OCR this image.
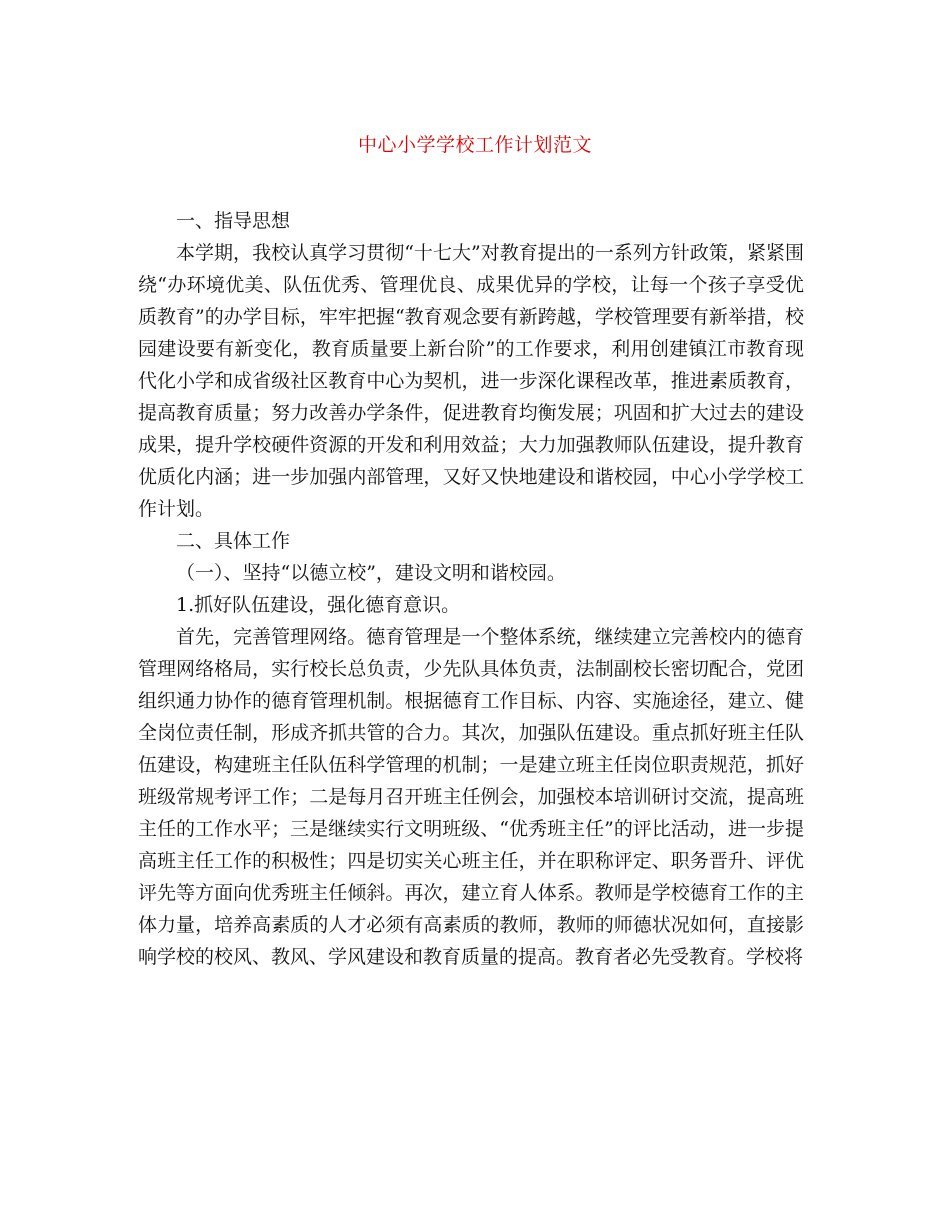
中心小学学校工作计划范文

一、指导思想

本学期，我校认真学习贯彻“十七大”对教育提出的一系列方针政策，紧紧围绕“办环境优美、队伍优秀、管理优良、成果优异的学校，让每一个孩子享受优质教育”的办学目标，牢牢把握“教育观念要有新跨越，学校管理要有新举措，校园建设要有新变化，教育质量要上新台阶”的工作要求，利用创建镇江市教育现代化小学和成省级社区教育中心为契机，进一步深化课程改革，推进素质教育，提高教育质量；努力改善办学条件，促进教育均衡发展；巩固和扩大过去的建设成果，提升学校硬件资源的开发和利用效益；大力加强教师队伍建设，提升教育优质化内涵；进一步加强内部管理，又好又快地建设和谐校园，中心小学学校工作计划。

二、具体工作

（一）、坚持“以德立校”，建设文明和谐校园。

1.抓好队伍建设，强化德育意识。

首先，完善管理网络。德育管理是一个整体系统，继续建立完善校内的德育管理网络格局，实行校长总负责，少先队具体负责，法制副校长密切配合，党团组织通力协作的德育管理机制。根据德育工作目标、内容、实施途径，建立、健全岗位责任制，形成齐抓共管的合力。其次，加强队伍建设。重点抓好班主任队伍建设，构建班主任队伍科学管理的机制；一是建立班主任岗位职责规范，抓好班级常规考评工作；二是每月召开班主任例会，加强校本培训研讨交流，提高班主任的工作水平；三是继续实行文明班级、“优秀班主任”的评比活动，进一步提高班主任工作的积极性；四是切实关心班主任，并在职称评定、职务晋升、评优评先等方面向优秀班主任倾斜。再次，建立育人体系。教师是学校德育工作的主体力量，培养高素质的人才必须有高素质的教师，教师的师德状况如何，直接影响学校的校风、教风、学风建设和教育质量的提高。教育者必先受教育。学校将
